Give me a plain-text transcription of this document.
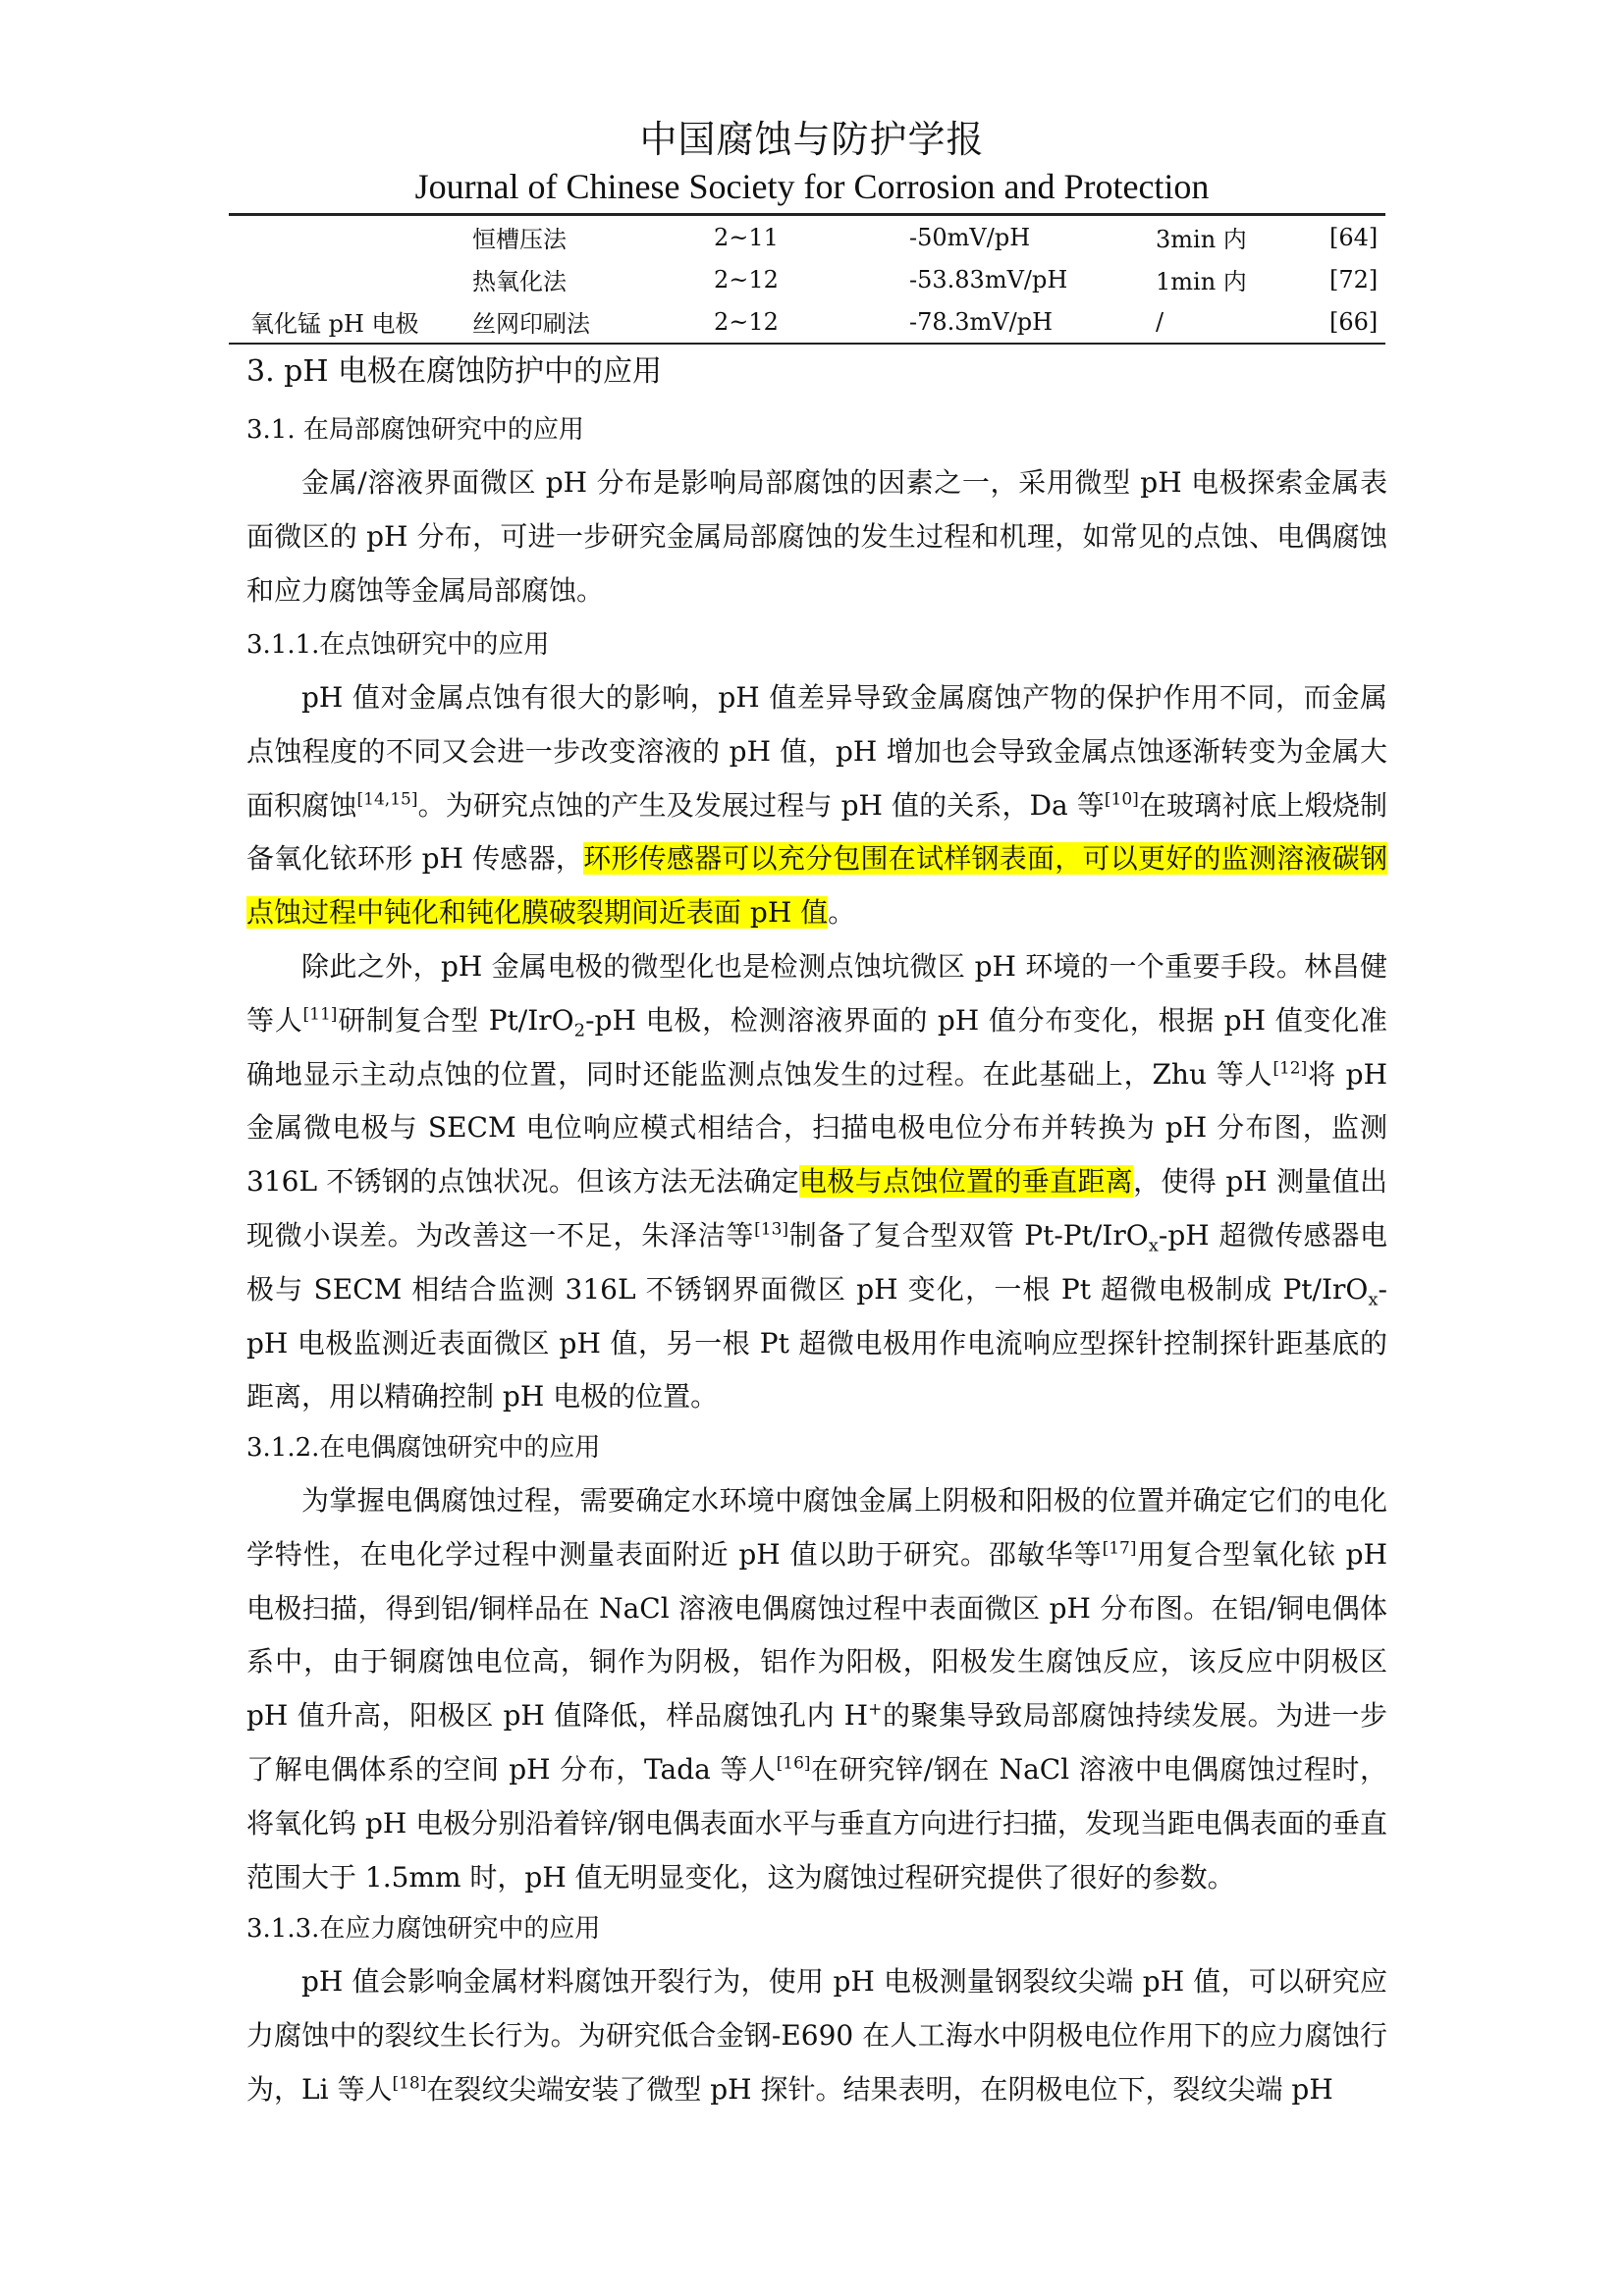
中国腐蚀与防护学报
Journal of Chinese Society for Corrosion and Protection
	恒槽压法	2~11	-50mV/pH	3min 内	[64]
	热氧化法	2~12	-53.83mV/pH	1min 内	[72]
氧化锰 pH 电极	丝网印刷法	2~12	-78.3mV/pH	/	[66]
3. pH 电极在腐蚀防护中的应用
3.1. 在局部腐蚀研究中的应用
金属/溶液界面微区 pH 分布是影响局部腐蚀的因素之一，采用微型 pH 电极探索金属表面微区的 pH 分布，可进一步研究金属局部腐蚀的发生过程和机理，如常见的点蚀、电偶腐蚀和应力腐蚀等金属局部腐蚀。
3.1.1.在点蚀研究中的应用
pH 值对金属点蚀有很大的影响，pH 值差异导致金属腐蚀产物的保护作用不同，而金属点蚀程度的不同又会进一步改变溶液的 pH 值，pH 增加也会导致金属点蚀逐渐转变为金属大面积腐蚀[14,15]。为研究点蚀的产生及发展过程与 pH 值的关系，Da 等[10]在玻璃衬底上煅烧制备氧化铱环形 pH 传感器，环形传感器可以充分包围在试样钢表面，可以更好的监测溶液碳钢点蚀过程中钝化和钝化膜破裂期间近表面 pH 值。
除此之外，pH 金属电极的微型化也是检测点蚀坑微区 pH 环境的一个重要手段。林昌健等人[11]研制复合型 Pt/IrO$_2$-pH 电极，检测溶液界面的 pH 值分布变化，根据 pH 值变化准确地显示主动点蚀的位置，同时还能监测点蚀发生的过程。在此基础上，Zhu 等人[12]将 pH 金属微电极与 SECM 电位响应模式相结合，扫描电极电位分布并转换为 pH 分布图，监测 316L 不锈钢的点蚀状况。但该方法无法确定电极与点蚀位置的垂直距离，使得 pH 测量值出现微小误差。为改善这一不足，朱泽洁等[13]制备了复合型双管 Pt-Pt/IrO$_x$-pH 超微传感器电极与 SECM 相结合监测 316L 不锈钢界面微区 pH 变化，一根 Pt 超微电极制成 Pt/IrO$_x$-pH 电极监测近表面微区 pH 值，另一根 Pt 超微电极用作电流响应型探针控制探针距基底的距离，用以精确控制 pH 电极的位置。
3.1.2.在电偶腐蚀研究中的应用
为掌握电偶腐蚀过程，需要确定水环境中腐蚀金属上阴极和阳极的位置并确定它们的电化学特性，在电化学过程中测量表面附近 pH 值以助于研究。邵敏华等[17]用复合型氧化铱 pH 电极扫描，得到铝/铜样品在 NaCl 溶液电偶腐蚀过程中表面微区 pH 分布图。在铝/铜电偶体系中，由于铜腐蚀电位高，铜作为阴极，铝作为阳极，阳极发生腐蚀反应，该反应中阴极区 pH 值升高，阳极区 pH 值降低，样品腐蚀孔内 H+的聚集导致局部腐蚀持续发展。为进一步了解电偶体系的空间 pH 分布，Tada 等人[16]在研究锌/钢在 NaCl 溶液中电偶腐蚀过程时，将氧化钨 pH 电极分别沿着锌/钢电偶表面水平与垂直方向进行扫描，发现当距电偶表面的垂直范围大于 1.5mm 时，pH 值无明显变化，这为腐蚀过程研究提供了很好的参数。
3.1.3.在应力腐蚀研究中的应用
pH 值会影响金属材料腐蚀开裂行为，使用 pH 电极测量钢裂纹尖端 pH 值，可以研究应力腐蚀中的裂纹生长行为。为研究低合金钢-E690 在人工海水中阴极电位作用下的应力腐蚀行为，Li 等人[18]在裂纹尖端安装了微型 pH 探针。结果表明，在阴极电位下，裂纹尖端 pH
